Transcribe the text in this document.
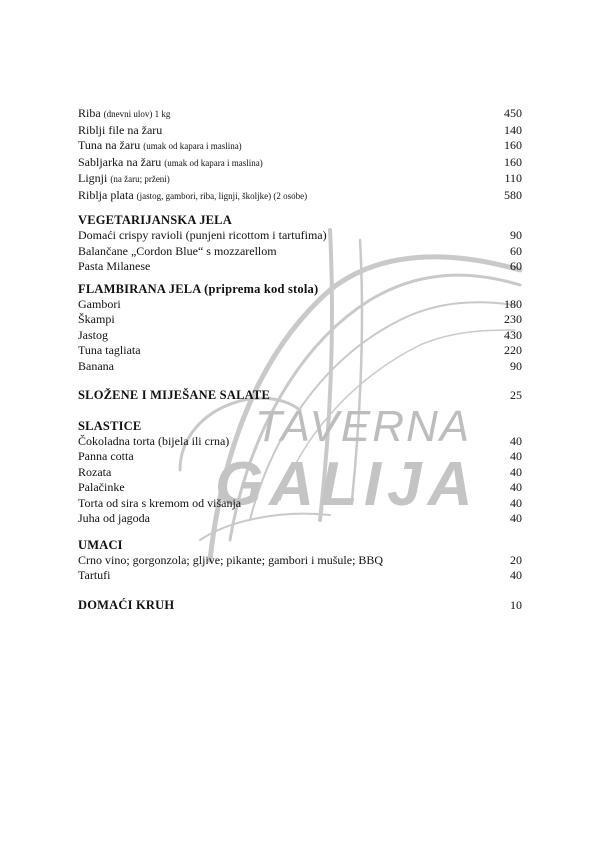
TAVERNA
GALIJA
Riba (dnevni ulov) 1 kg	450
Riblji file na žaru	140
Tuna na žaru (umak od kapara i maslina)	160
Sabljarka na žaru (umak od kapara i maslina)	160
Lignji (na žaru; prženi)	110
Riblja plata (jastog, gambori, riba, lignji, školjke) (2 osobe)	580
VEGETARIJANSKA JELA
Domaći crispy ravioli (punjeni ricottom i tartufima)	90
Balančane „Cordon Blue“ s mozzarellom	60
Pasta Milanese	60
FLAMBIRANA JELA (priprema kod stola)
Gambori	180
Škampi	230
Jastog	430
Tuna tagliata	220
Banana	90
SLOŽENE I MIJEŠANE SALATE	25
SLASTICE
Čokoladna torta (bijela ili crna)	40
Panna cotta	40
Rozata	40
Palačinke	40
Torta od sira s kremom od višanja	40
Juha od jagoda	40
UMACI
Crno vino; gorgonzola; gljive; pikante; gambori i mušule; BBQ	20
Tartufi	40
DOMAĆI KRUH	10
